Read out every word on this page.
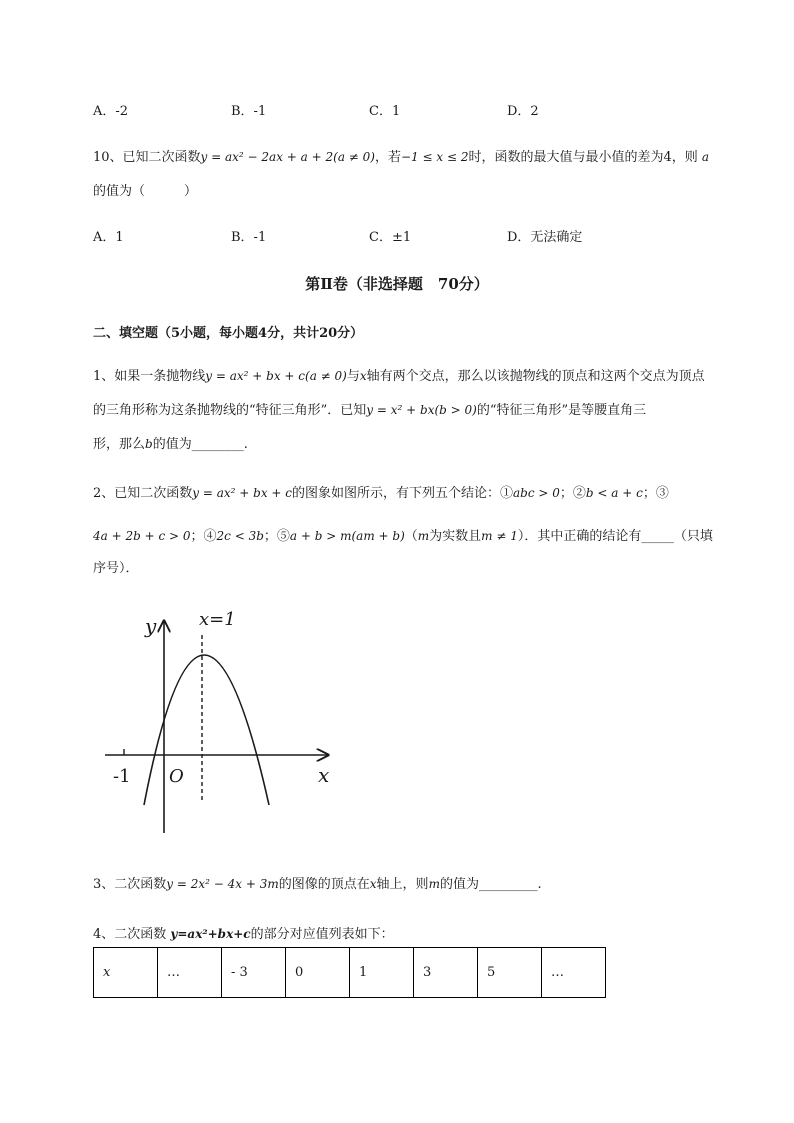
A．-2	B．-1	C．1	D．2
10、已知二次函数y = ax² − 2ax + a + 2(a ≠ 0)，若−1 ≤ x ≤ 2时，函数的最大值与最小值的差为4，则 a
的值为（　　　）
A．1	B．-1	C．±1	D．无法确定
第Ⅱ卷（非选择题　70分）
二、填空题（5小题，每小题4分，共计20分）
1、如果一条抛物线y = ax² + bx + c(a ≠ 0)与x轴有两个交点，那么以该抛物线的顶点和这两个交点为顶点
的三角形称为这条抛物线的“特征三角形”．已知y = x² + bx(b > 0)的“特征三角形”是等腰直角三
形，那么b的值为________.
2、已知二次函数y = ax² + bx + c的图象如图所示，有下列五个结论：①abc > 0；②b < a + c；③
4a + 2b + c > 0；④2c < 3b；⑤a + b > m(am + b)（m为实数且m ≠ 1）．其中正确的结论有_____（只填
序号）．
y
x
x=1
O
-1
3、二次函数y = 2x² − 4x + 3m的图像的顶点在x轴上，则m的值为_________.
4、二次函数 y=ax²+bx+c的部分对应值列表如下：
x	…	- 3	0	1	3	5	…
